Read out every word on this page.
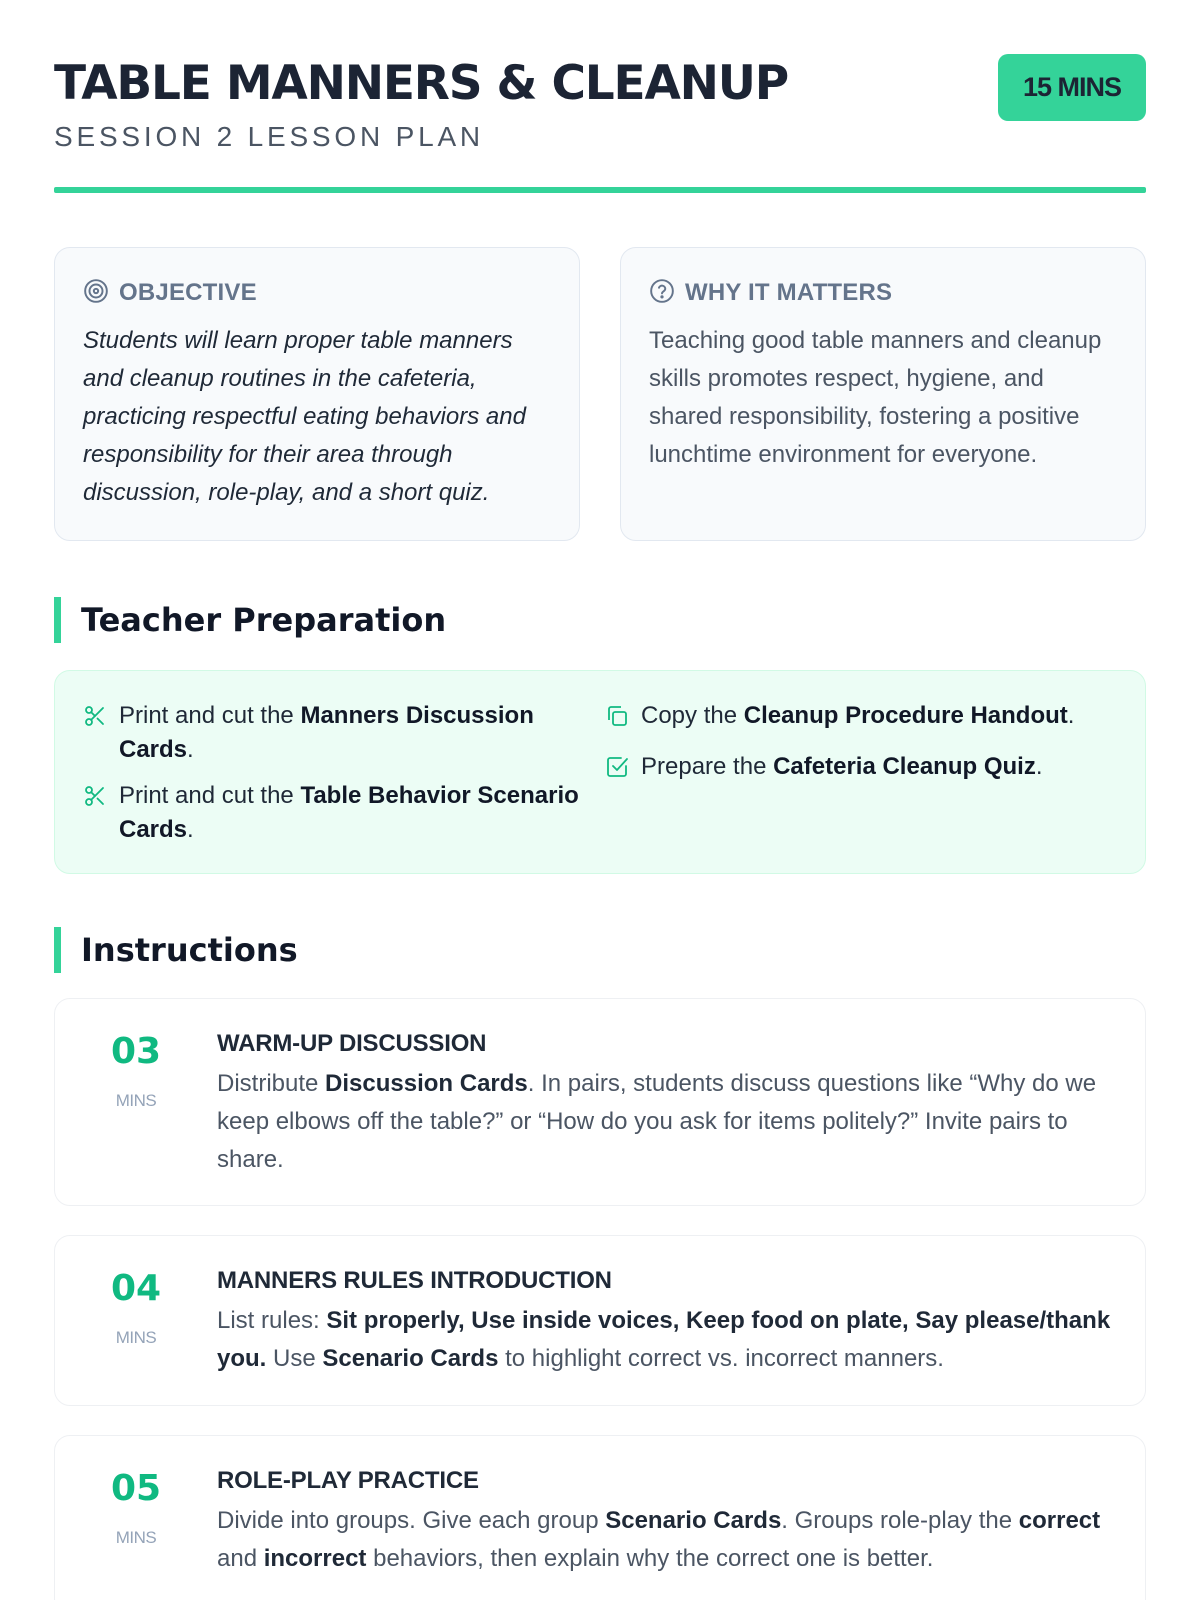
TABLE MANNERS & CLEANUP
SESSION 2 LESSON PLAN
15 MINS
OBJECTIVE

Students will learn proper table manners and cleanup routines in the cafeteria, practicing respectful eating behaviors and responsibility for their area through discussion, role-play, and a short quiz.

WHY IT MATTERS

Teaching good table manners and cleanup skills promotes respect, hygiene, and shared responsibility, fostering a positive lunchtime environment for everyone.

Teacher Preparation
Print and cut the Manners Discussion Cards.
Print and cut the Table Behavior Scenario Cards.
Copy the Cleanup Procedure Handout.
Prepare the Cafeteria Cleanup Quiz.
Instructions
03
MINS
WARM-UP DISCUSSION

Distribute Discussion Cards. In pairs, students discuss questions like “Why do we keep elbows off the table?” or “How do you ask for items politely?” Invite pairs to share.

04
MINS
MANNERS RULES INTRODUCTION

List rules: Sit properly, Use inside voices, Keep food on plate, Say please/thank you. Use Scenario Cards to highlight correct vs. incorrect manners.

05
MINS
ROLE-PLAY PRACTICE

Divide into groups. Give each group Scenario Cards. Groups role-play the correct and incorrect behaviors, then explain why the correct one is better.
